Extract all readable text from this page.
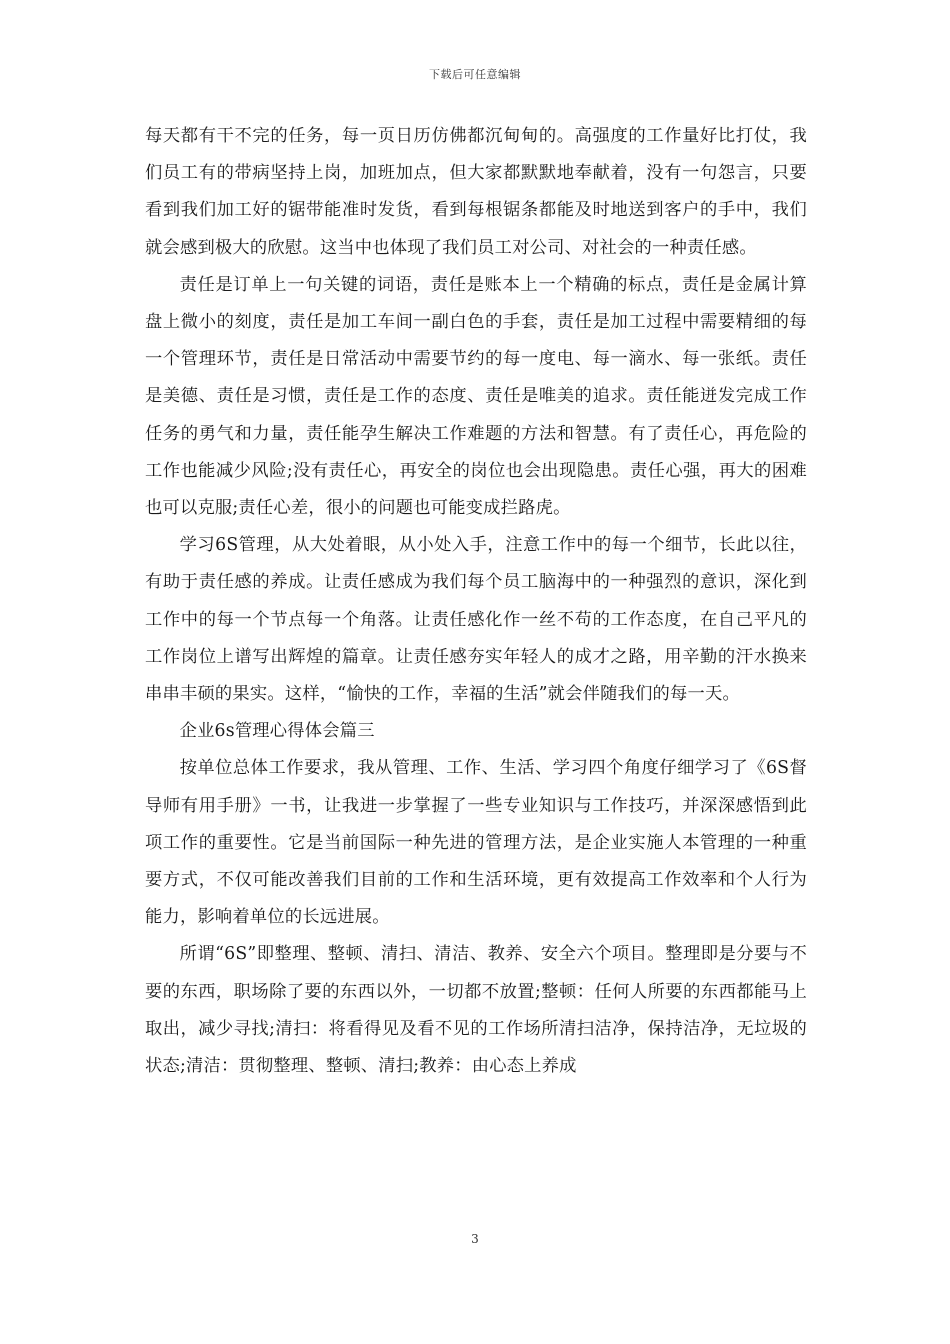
下载后可任意编辑

每天都有干不完的任务，每一页日历仿佛都沉甸甸的。高强度的工作量好比打仗，我们员工有的带病坚持上岗，加班加点，但大家都默默地奉献着，没有一句怨言，只要看到我们加工好的锯带能准时发货，看到每根锯条都能及时地送到客户的手中，我们就会感到极大的欣慰。这当中也体现了我们员工对公司、对社会的一种责任感。

责任是订单上一句关键的词语，责任是账本上一个精确的标点，责任是金属计算盘上微小的刻度，责任是加工车间一副白色的手套，责任是加工过程中需要精细的每一个管理环节，责任是日常活动中需要节约的每一度电、每一滴水、每一张纸。责任是美德、责任是习惯，责任是工作的态度、责任是唯美的追求。责任能迸发完成工作任务的勇气和力量，责任能孕生解决工作难题的方法和智慧。有了责任心，再危险的工作也能减少风险;没有责任心，再安全的岗位也会出现隐患。责任心强，再大的困难也可以克服;责任心差，很小的问题也可能变成拦路虎。

学习6S管理，从大处着眼，从小处入手，注意工作中的每一个细节，长此以往，有助于责任感的养成。让责任感成为我们每个员工脑海中的一种强烈的意识，深化到工作中的每一个节点每一个角落。让责任感化作一丝不苟的工作态度，在自己平凡的工作岗位上谱写出辉煌的篇章。让责任感夯实年轻人的成才之路，用辛勤的汗水换来串串丰硕的果实。这样，“愉快的工作，幸福的生活”就会伴随我们的每一天。

企业6s管理心得体会篇三

按单位总体工作要求，我从管理、工作、生活、学习四个角度仔细学习了《6S督导师有用手册》一书，让我进一步掌握了一些专业知识与工作技巧，并深深感悟到此项工作的重要性。它是当前国际一种先进的管理方法，是企业实施人本管理的一种重要方式，不仅可能改善我们目前的工作和生活环境，更有效提高工作效率和个人行为能力，影响着单位的长远进展。

所谓“6S”即整理、整顿、清扫、清洁、教养、安全六个项目。整理即是分要与不要的东西，职场除了要的东西以外，一切都不放置;整顿：任何人所要的东西都能马上取出，减少寻找;清扫：将看得见及看不见的工作场所清扫洁净，保持洁净，无垃圾的状态;清洁：贯彻整理、整顿、清扫;教养：由心态上养成

3
